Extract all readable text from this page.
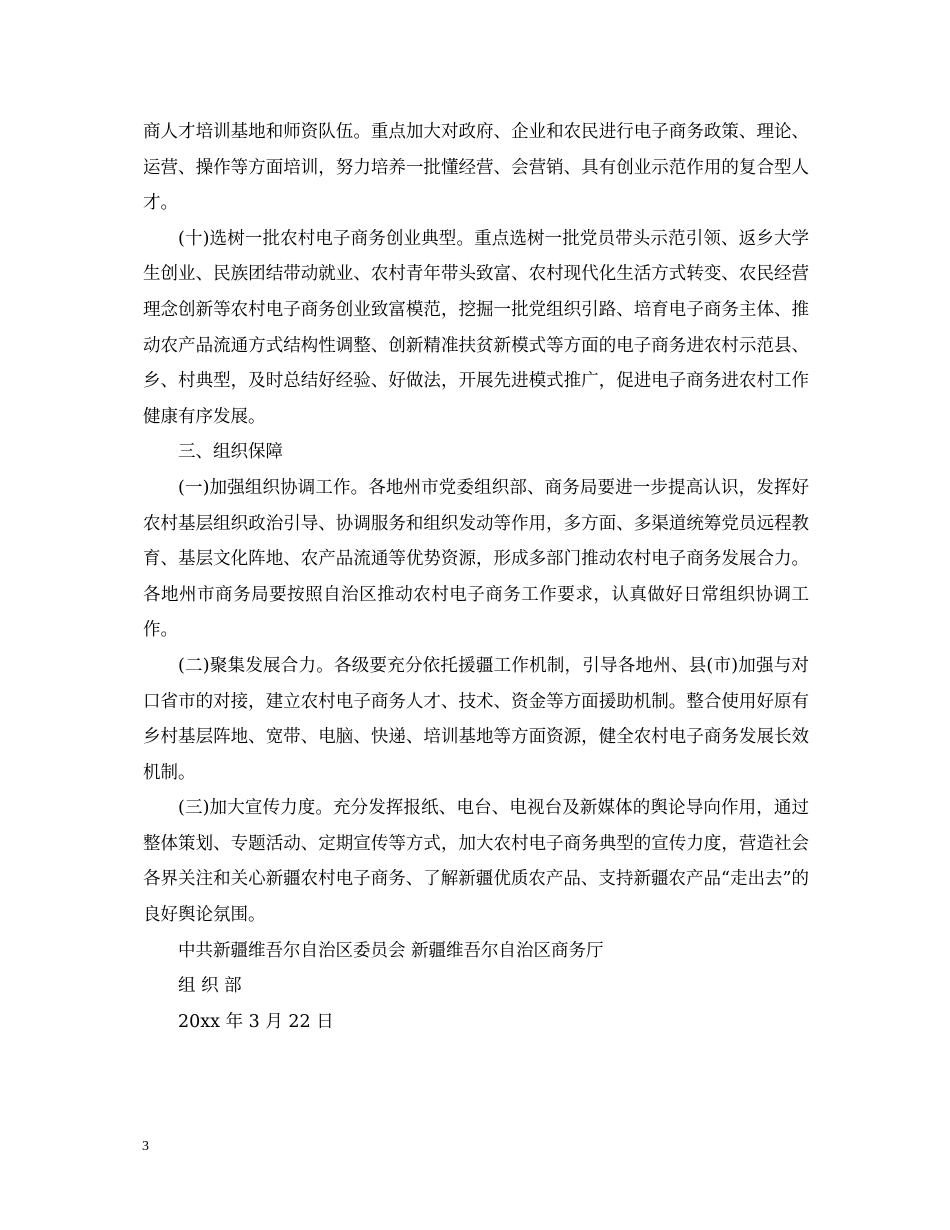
商人才培训基地和师资队伍。重点加大对政府、企业和农民进行电子商务政策、理论、运营、操作等方面培训，努力培养一批懂经营、会营销、具有创业示范作用的复合型人才。

(十)选树一批农村电子商务创业典型。重点选树一批党员带头示范引领、返乡大学生创业、民族团结带动就业、农村青年带头致富、农村现代化生活方式转变、农民经营理念创新等农村电子商务创业致富模范，挖掘一批党组织引路、培育电子商务主体、推动农产品流通方式结构性调整、创新精准扶贫新模式等方面的电子商务进农村示范县、乡、村典型，及时总结好经验、好做法，开展先进模式推广，促进电子商务进农村工作健康有序发展。

三、组织保障

(一)加强组织协调工作。各地州市党委组织部、商务局要进一步提高认识，发挥好农村基层组织政治引导、协调服务和组织发动等作用，多方面、多渠道统筹党员远程教育、基层文化阵地、农产品流通等优势资源，形成多部门推动农村电子商务发展合力。各地州市商务局要按照自治区推动农村电子商务工作要求，认真做好日常组织协调工作。

(二)聚集发展合力。各级要充分依托援疆工作机制，引导各地州、县(市)加强与对口省市的对接，建立农村电子商务人才、技术、资金等方面援助机制。整合使用好原有乡村基层阵地、宽带、电脑、快递、培训基地等方面资源，健全农村电子商务发展长效机制。

(三)加大宣传力度。充分发挥报纸、电台、电视台及新媒体的舆论导向作用，通过整体策划、专题活动、定期宣传等方式，加大农村电子商务典型的宣传力度，营造社会各界关注和关心新疆农村电子商务、了解新疆优质农产品、支持新疆农产品“走出去”的良好舆论氛围。

中共新疆维吾尔自治区委员会 新疆维吾尔自治区商务厅

组 织 部

20xx 年 3 月 22 日

3
